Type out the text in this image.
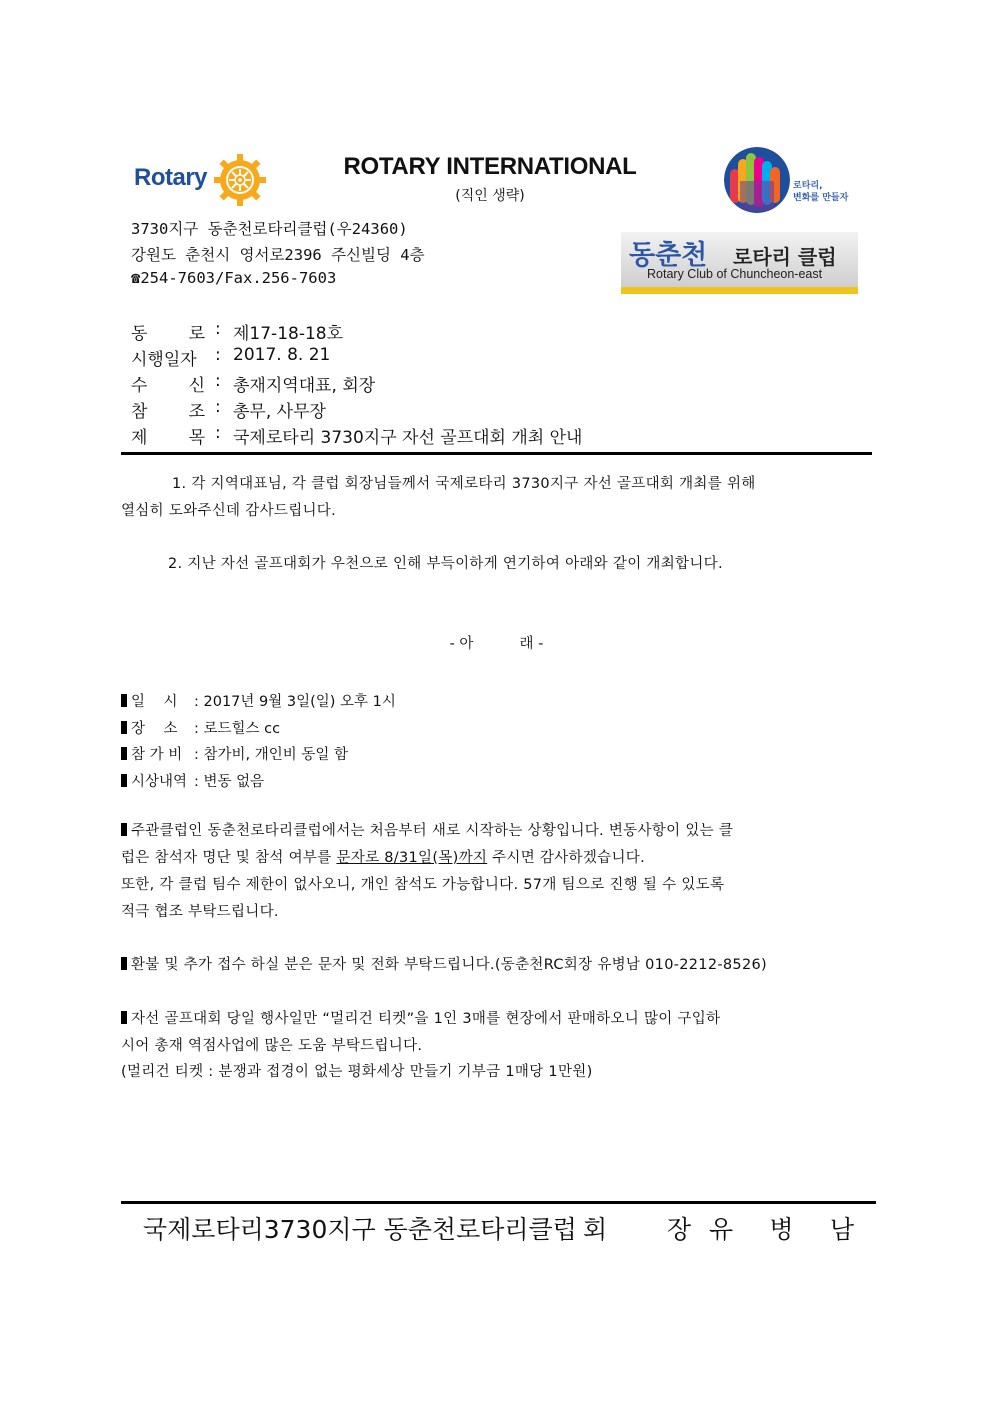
Rotary	ROTARY INTERNATIONAL
(직인 생략)
로타리,
변화를 만들자
3730지구 동춘천로타리클럽(우24360)
강원도 춘천시 영서로2396 주신빌딩 4층
☎254-7603/Fax.256-7603
동춘천 로타리 클럽
Rotary Club of Chuncheon-east
동 로 : 제17-18-18호
시행일자 : 2017. 8. 21
수 신 : 총재지역대표, 회장
참 조 : 총무, 사무장
제 목 : 국제로타리 3730지구 자선 골프대회 개최 안내
1. 각 지역대표님, 각 클럽 회장님들께서 국제로타리 3730지구 자선 골프대회 개최를 위해
열심히 도와주신데 감사드립니다.
2. 지난 자선 골프대회가 우천으로 인해 부득이하게 연기하여 아래와 같이 개최합니다.
- 아          래 -
일    시 : 2017년 9월 3일(일) 오후 1시
장    소 : 로드힐스 cc
참 가 비 : 참가비, 개인비 동일 함
시상내역 : 변동 없음
주관클럽인 동춘천로타리클럽에서는 처음부터 새로 시작하는 상황입니다. 변동사항이 있는 클
럽은 참석자 명단 및 참석 여부를 문자로 8/31일(목)까지 주시면 감사하겠습니다.
또한, 각 클럽 팀수 제한이 없사오니, 개인 참석도 가능합니다. 57개 팀으로 진행 될 수 있도록
적극 협조 부탁드립니다.
환불 및 추가 접수 하실 분은 문자 및 전화 부탁드립니다.(동춘천RC회장 유병남 010-2212-8526)
자선 골프대회 당일 행사일만 “멀리건 티켓”을 1인 3매를 현장에서 판매하오니 많이 구입하
시어 총재 역점사업에 많은 도움 부탁드립니다.
(멀리건 티켓 : 분쟁과 접경이 없는 평화세상 만들기 기부금 1매당 1만원)
국제로타리3730지구 동춘천로타리클럽 회 장 유 병 남
